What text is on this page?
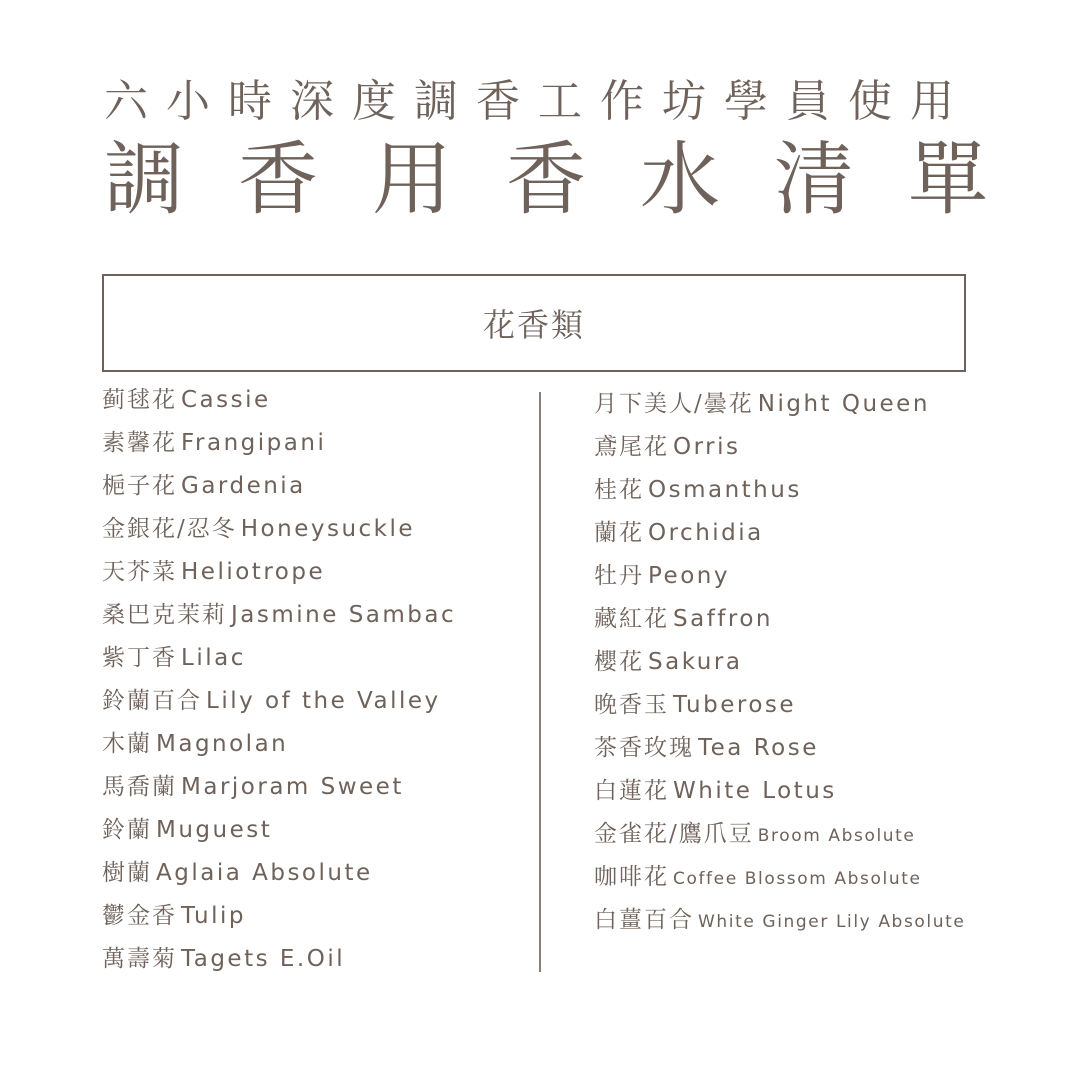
六小時深度調香工作坊學員使用
調香用香水清單
花香類
蓟毬花 Cassie
素馨花 Frangipani
梔子花 Gardenia
金銀花/忍冬 Honeysuckle
天芥菜 Heliotrope
桑巴克茉莉 Jasmine Sambac
紫丁香 Lilac
鈴蘭百合 Lily of the Valley
木蘭 Magnolan
馬喬蘭 Marjoram Sweet
鈴蘭 Muguest
樹蘭 Aglaia Absolute
鬱金香 Tulip
萬壽菊 Tagets E.Oil
月下美人/曇花 Night Queen
鳶尾花 Orris
桂花 Osmanthus
蘭花 Orchidia
牡丹 Peony
藏紅花 Saffron
櫻花 Sakura
晚香玉 Tuberose
茶香玫瑰 Tea Rose
白蓮花 White Lotus
金雀花/鷹爪豆 Broom Absolute
咖啡花 Coffee Blossom Absolute
白薑百合 White Ginger Lily Absolute
